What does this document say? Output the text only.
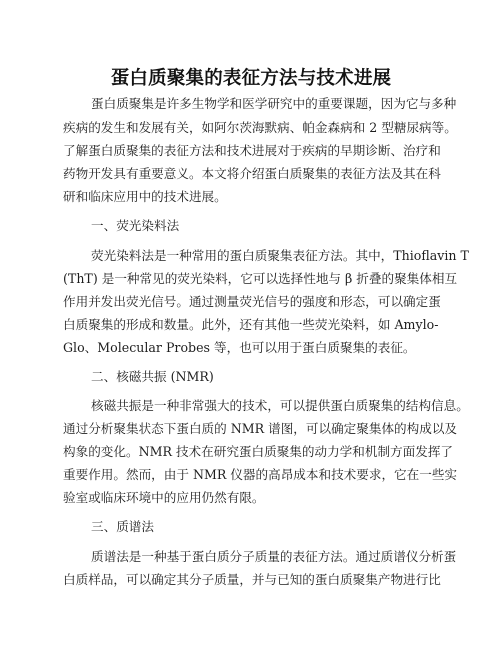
蛋白质聚集的表征方法与技术进展
蛋白质聚集是许多生物学和医学研究中的重要课题，因为它与多种
疾病的发生和发展有关，如阿尔茨海默病、帕金森病和 2 型糖尿病等。
了解蛋白质聚集的表征方法和技术进展对于疾病的早期诊断、治疗和
药物开发具有重要意义。本文将介绍蛋白质聚集的表征方法及其在科
研和临床应用中的技术进展。
一、荧光染料法
荧光染料法是一种常用的蛋白质聚集表征方法。其中，Thioflavin T
(ThT) 是一种常见的荧光染料，它可以选择性地与 β 折叠的聚集体相互
作用并发出荧光信号。通过测量荧光信号的强度和形态，可以确定蛋
白质聚集的形成和数量。此外，还有其他一些荧光染料，如 Amylo-
Glo、Molecular Probes 等，也可以用于蛋白质聚集的表征。
二、核磁共振 (NMR)
核磁共振是一种非常强大的技术，可以提供蛋白质聚集的结构信息。
通过分析聚集状态下蛋白质的 NMR 谱图，可以确定聚集体的构成以及
构象的变化。NMR 技术在研究蛋白质聚集的动力学和机制方面发挥了
重要作用。然而，由于 NMR 仪器的高昂成本和技术要求，它在一些实
验室或临床环境中的应用仍然有限。
三、质谱法
质谱法是一种基于蛋白质分子质量的表征方法。通过质谱仪分析蛋
白质样品，可以确定其分子质量，并与已知的蛋白质聚集产物进行比
